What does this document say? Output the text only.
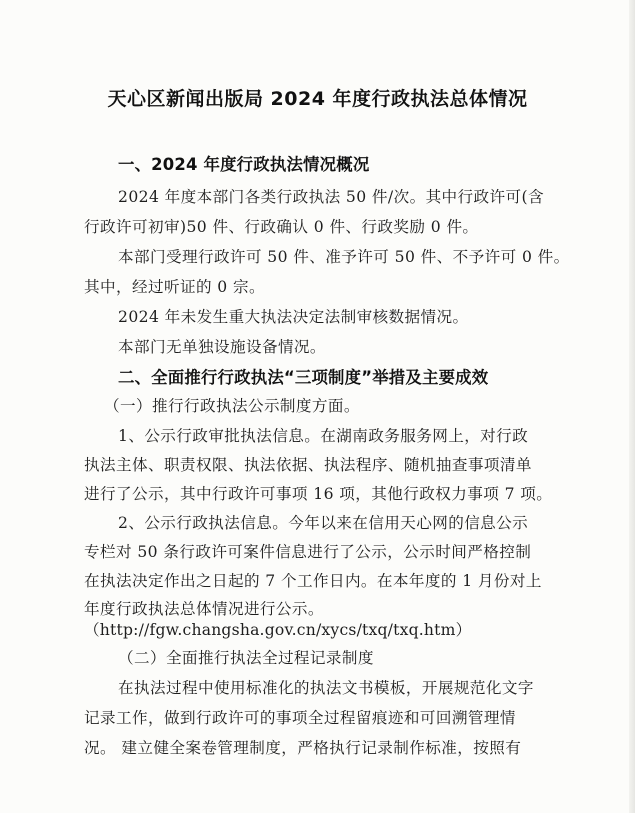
天心区新闻出版局 2024 年度行政执法总体情况
一、2024 年度行政执法情况概况
2024 年度本部门各类行政执法 50 件/次。其中行政许可(含
行政许可初审)50 件、行政确认 0 件、行政奖励 0 件。
本部门受理行政许可 50 件、准予许可 50 件、不予许可 0 件。
其中，经过听证的 0 宗。
2024 年未发生重大执法决定法制审核数据情况。
本部门无单独设施设备情况。
二、全面推行行政执法“三项制度”举措及主要成效
（一）推行行政执法公示制度方面。
1、公示行政审批执法信息。在湖南政务服务网上，对行政
执法主体、职责权限、执法依据、执法程序、随机抽查事项清单
进行了公示，其中行政许可事项 16 项，其他行政权力事项 7 项。
2、公示行政执法信息。今年以来在信用天心网的信息公示
专栏对 50 条行政许可案件信息进行了公示，公示时间严格控制
在执法决定作出之日起的 7 个工作日内。在本年度的 1 月份对上
年度行政执法总体情况进行公示。
（http://fgw.changsha.gov.cn/xycs/txq/txq.htm）
（二）全面推行执法全过程记录制度
在执法过程中使用标准化的执法文书模板，开展规范化文字
记录工作，做到行政许可的事项全过程留痕迹和可回溯管理情
况。 建立健全案卷管理制度，严格执行记录制作标准，按照有
